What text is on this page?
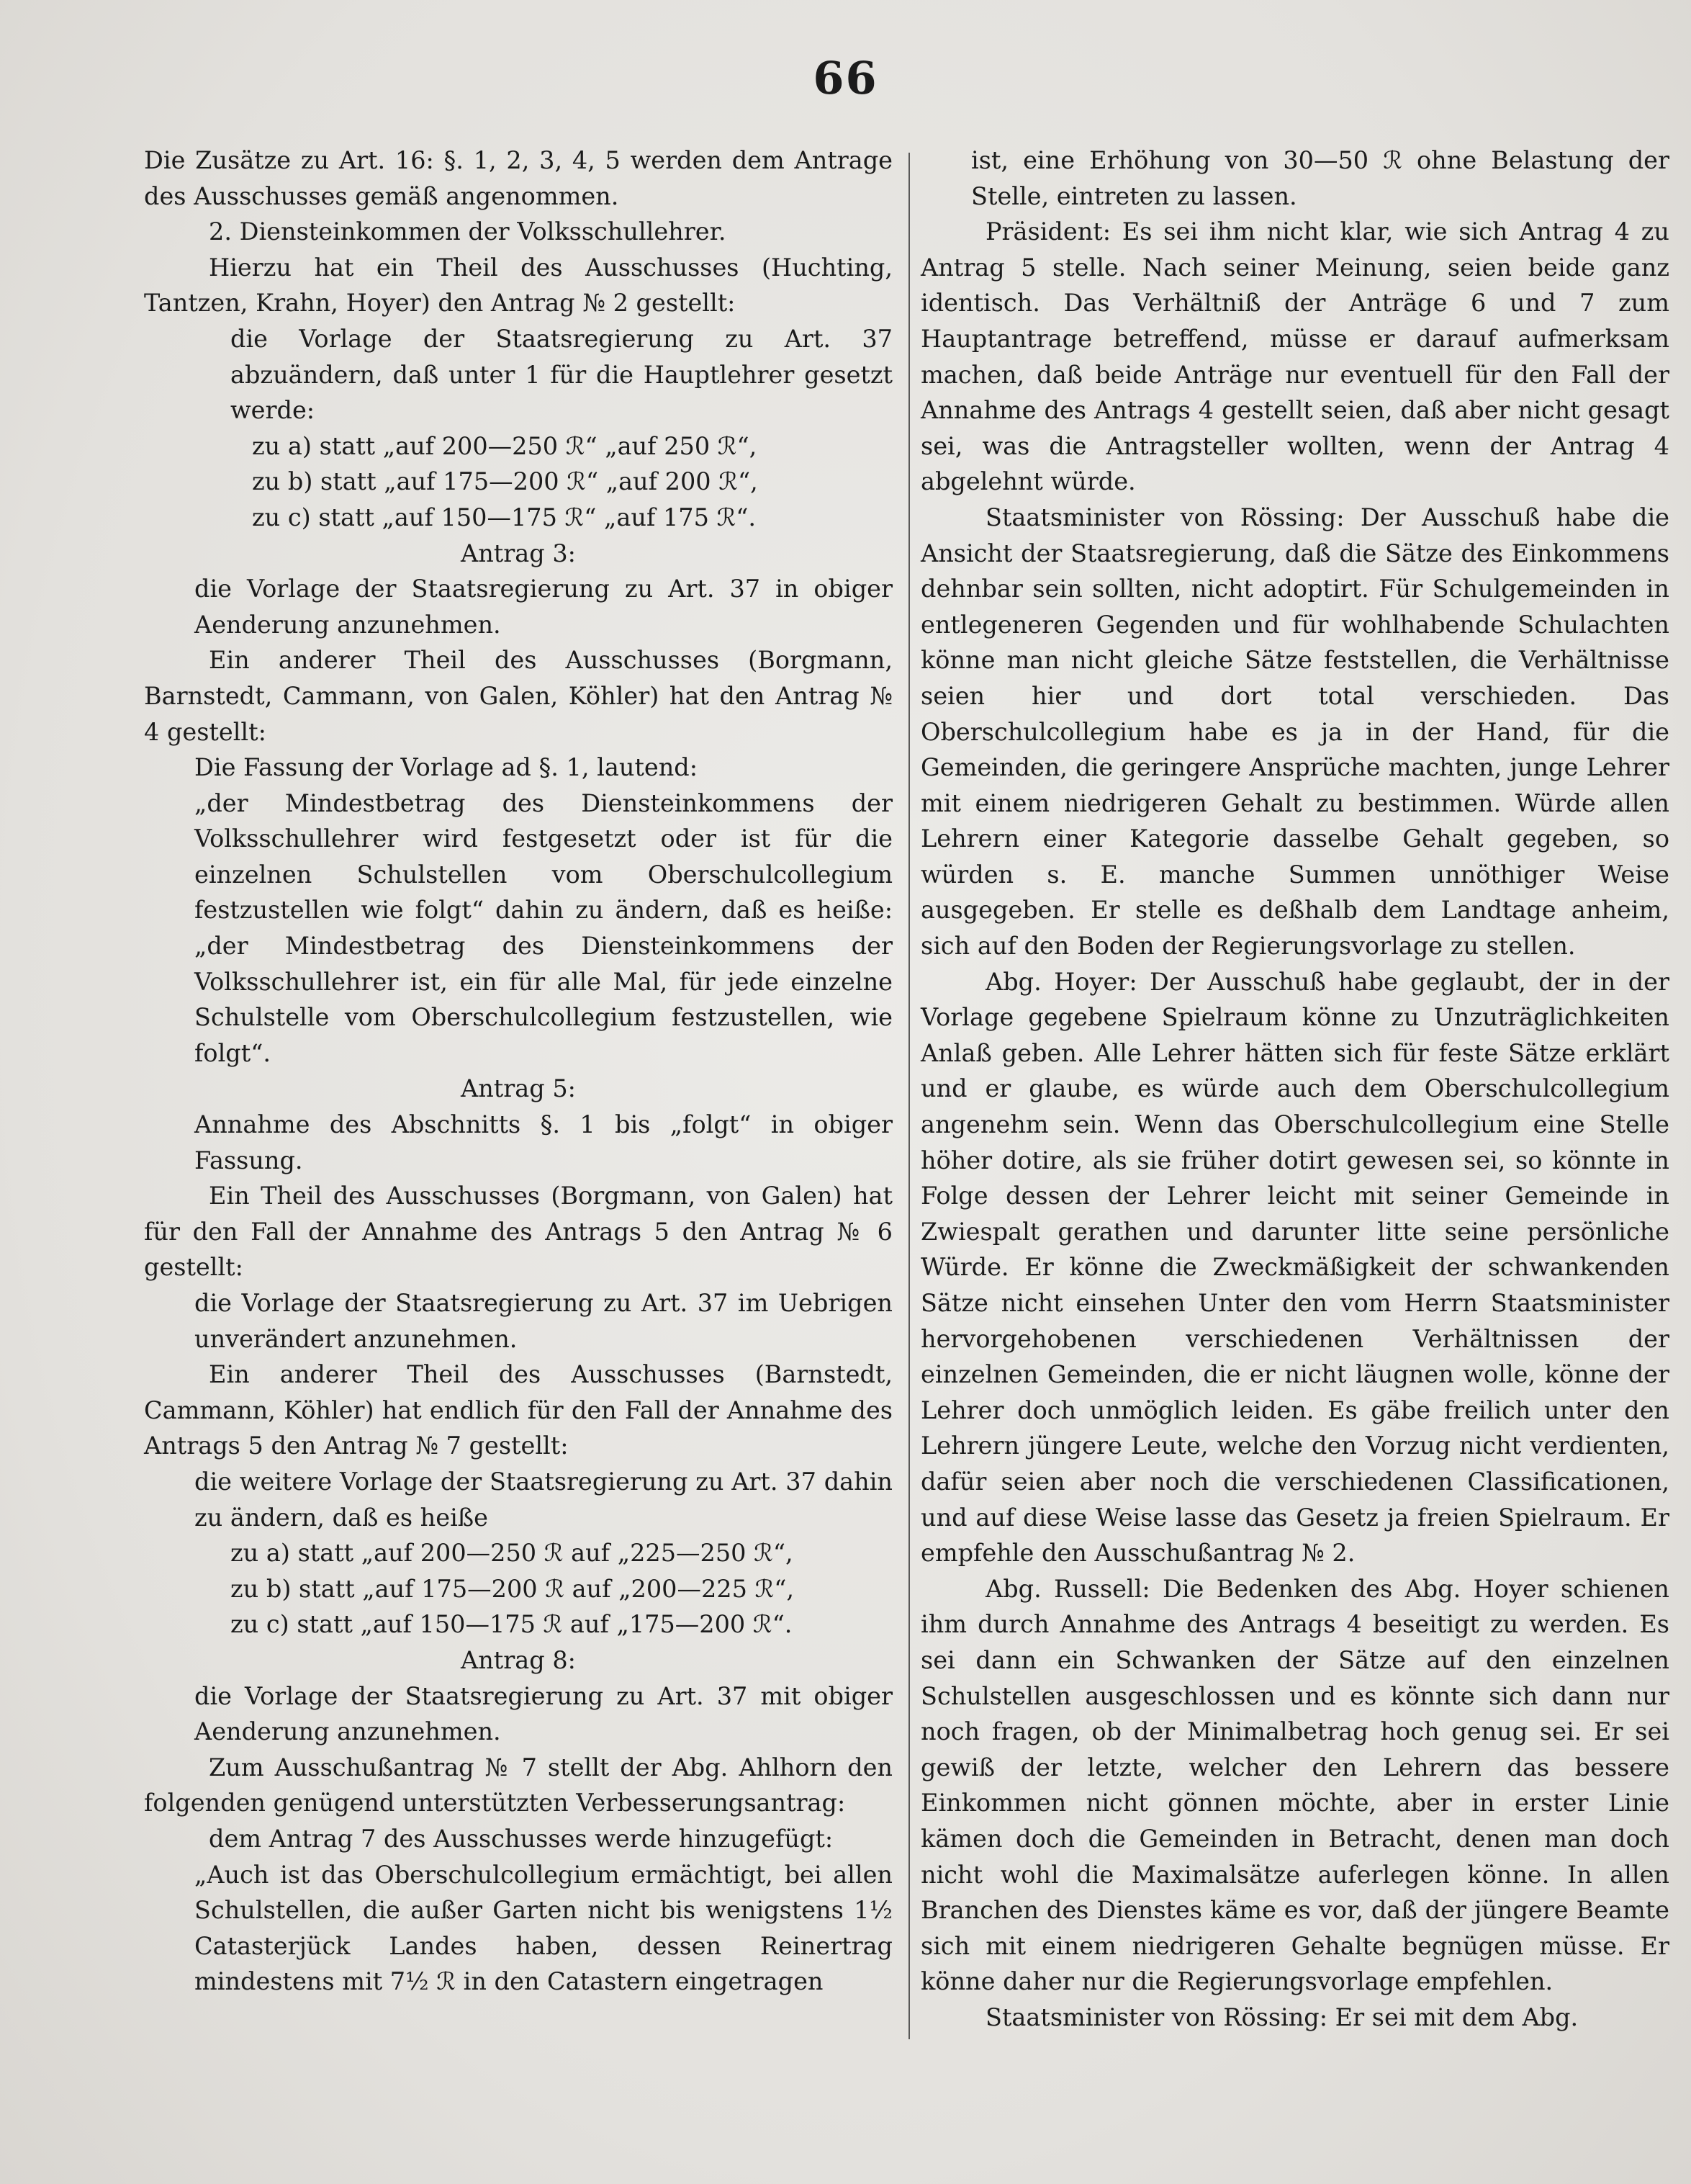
66
Die Zusätze zu Art. 16: §. 1, 2, 3, 4, 5 werden dem Antrage des Ausschusses gemäß angenommen.
2. Diensteinkommen der Volksschullehrer.
Hierzu hat ein Theil des Ausschusses (Huchting, Tantzen, Krahn, Hoyer) den Antrag № 2 gestellt:
die Vorlage der Staatsregierung zu Art. 37 abzuändern, daß unter 1 für die Hauptlehrer gesetzt werde:
zu a) statt „auf 200—250 ℛ“ „auf 250 ℛ“,
zu b) statt „auf 175—200 ℛ“ „auf 200 ℛ“,
zu c) statt „auf 150—175 ℛ“ „auf 175 ℛ“.
Antrag 3:
die Vorlage der Staatsregierung zu Art. 37 in obiger Aenderung anzunehmen.
Ein anderer Theil des Ausschusses (Borgmann, Barnstedt, Cammann, von Galen, Köhler) hat den Antrag № 4 gestellt:
Die Fassung der Vorlage ad §. 1, lautend:
„der Mindestbetrag des Diensteinkommens der Volksschullehrer wird festgesetzt oder ist für die einzelnen Schulstellen vom Oberschulcollegium festzustellen wie folgt“ dahin zu ändern, daß es heiße: „der Mindestbetrag des Diensteinkommens der Volksschullehrer ist, ein für alle Mal, für jede einzelne Schulstelle vom Oberschulcollegium festzustellen, wie folgt“.
Antrag 5:
Annahme des Abschnitts §. 1 bis „folgt“ in obiger Fassung.
Ein Theil des Ausschusses (Borgmann, von Galen) hat für den Fall der Annahme des Antrags 5 den Antrag № 6 gestellt:
die Vorlage der Staatsregierung zu Art. 37 im Uebrigen unverändert anzunehmen.
Ein anderer Theil des Ausschusses (Barnstedt, Cammann, Köhler) hat endlich für den Fall der Annahme des Antrags 5 den Antrag № 7 gestellt:
die weitere Vorlage der Staatsregierung zu Art. 37 dahin zu ändern, daß es heiße
zu a) statt „auf 200—250 ℛ auf „225—250 ℛ“,
zu b) statt „auf 175—200 ℛ auf „200—225 ℛ“,
zu c) statt „auf 150—175 ℛ auf „175—200 ℛ“.
Antrag 8:
die Vorlage der Staatsregierung zu Art. 37 mit obiger Aenderung anzunehmen.
Zum Ausschußantrag № 7 stellt der Abg. Ahlhorn den folgenden genügend unterstützten Verbesserungsantrag:
dem Antrag 7 des Ausschusses werde hinzugefügt:
„Auch ist das Oberschulcollegium ermächtigt, bei allen Schulstellen, die außer Garten nicht bis wenigstens 1½ Catasterjück Landes haben, dessen Reinertrag mindestens mit 7½ ℛ in den Catastern eingetragen
ist, eine Erhöhung von 30—50 ℛ ohne Belastung der Stelle, eintreten zu lassen.
Präsident: Es sei ihm nicht klar, wie sich Antrag 4 zu Antrag 5 stelle. Nach seiner Meinung, seien beide ganz identisch. Das Verhältniß der Anträge 6 und 7 zum Hauptantrage betreffend, müsse er darauf aufmerksam machen, daß beide Anträge nur eventuell für den Fall der Annahme des Antrags 4 gestellt seien, daß aber nicht gesagt sei, was die Antragsteller wollten, wenn der Antrag 4 abgelehnt würde.
Staatsminister von Rössing: Der Ausschuß habe die Ansicht der Staatsregierung, daß die Sätze des Einkommens dehnbar sein sollten, nicht adoptirt. Für Schulgemeinden in entlegeneren Gegenden und für wohlhabende Schulachten könne man nicht gleiche Sätze feststellen, die Verhältnisse seien hier und dort total verschieden. Das Oberschulcollegium habe es ja in der Hand, für die Gemeinden, die geringere Ansprüche machten, junge Lehrer mit einem niedrigeren Gehalt zu bestimmen. Würde allen Lehrern einer Kategorie dasselbe Gehalt gegeben, so würden s. E. manche Summen unnöthiger Weise ausgegeben. Er stelle es deßhalb dem Landtage anheim, sich auf den Boden der Regierungsvorlage zu stellen.
Abg. Hoyer: Der Ausschuß habe geglaubt, der in der Vorlage gegebene Spielraum könne zu Unzuträglichkeiten Anlaß geben. Alle Lehrer hätten sich für feste Sätze erklärt und er glaube, es würde auch dem Oberschulcollegium angenehm sein. Wenn das Oberschulcollegium eine Stelle höher dotire, als sie früher dotirt gewesen sei, so könnte in Folge dessen der Lehrer leicht mit seiner Gemeinde in Zwiespalt gerathen und darunter litte seine persönliche Würde. Er könne die Zweckmäßigkeit der schwankenden Sätze nicht einsehen Unter den vom Herrn Staatsminister hervorgehobenen verschiedenen Verhältnissen der einzelnen Gemeinden, die er nicht läugnen wolle, könne der Lehrer doch unmöglich leiden. Es gäbe freilich unter den Lehrern jüngere Leute, welche den Vorzug nicht verdienten, dafür seien aber noch die verschiedenen Classificationen, und auf diese Weise lasse das Gesetz ja freien Spielraum. Er empfehle den Ausschußantrag № 2.
Abg. Russell: Die Bedenken des Abg. Hoyer schienen ihm durch Annahme des Antrags 4 beseitigt zu werden. Es sei dann ein Schwanken der Sätze auf den einzelnen Schulstellen ausgeschlossen und es könnte sich dann nur noch fragen, ob der Minimalbetrag hoch genug sei. Er sei gewiß der letzte, welcher den Lehrern das bessere Einkommen nicht gönnen möchte, aber in erster Linie kämen doch die Gemeinden in Betracht, denen man doch nicht wohl die Maximalsätze auferlegen könne. In allen Branchen des Dienstes käme es vor, daß der jüngere Beamte sich mit einem niedrigeren Gehalte begnügen müsse. Er könne daher nur die Regierungsvorlage empfehlen.
Staatsminister von Rössing: Er sei mit dem Abg.
